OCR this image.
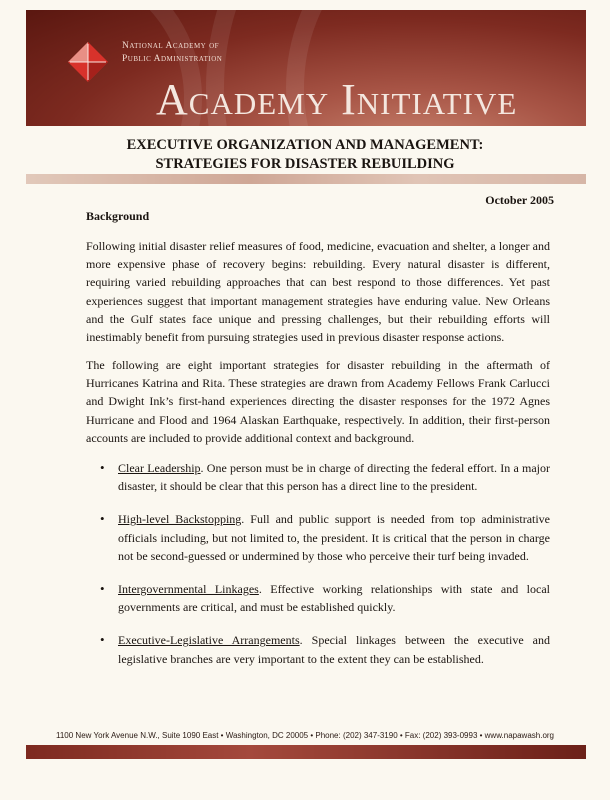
National Academy of
Public Administration
Academy Initiative
EXECUTIVE ORGANIZATION AND MANAGEMENT:
STRATEGIES FOR DISASTER REBUILDING
October 2005
Background

Following initial disaster relief measures of food, medicine, evacuation and shelter, a longer and more expensive phase of recovery begins: rebuilding. Every natural disaster is different, requiring varied rebuilding approaches that can best respond to those differences. Yet past experiences suggest that important management strategies have enduring value. New Orleans and the Gulf states face unique and pressing challenges, but their rebuilding efforts will inestimably benefit from pursuing strategies used in previous disaster response actions.

The following are eight important strategies for disaster rebuilding in the aftermath of Hurricanes Katrina and Rita. These strategies are drawn from Academy Fellows Frank Carlucci and Dwight Ink’s first-hand experiences directing the disaster responses for the 1972 Agnes Hurricane and Flood and 1964 Alaskan Earthquake, respectively. In addition, their first-person accounts are included to provide additional context and background.

• Clear Leadership. One person must be in charge of directing the federal effort. In a major disaster, it should be clear that this person has a direct line to the president.
• High-level Backstopping. Full and public support is needed from top administrative officials including, but not limited to, the president. It is critical that the person in charge not be second-guessed or undermined by those who perceive their turf being invaded.
• Intergovernmental Linkages. Effective working relationships with state and local governments are critical, and must be established quickly.
• Executive-Legislative Arrangements. Special linkages between the executive and legislative branches are very important to the extent they can be established.
1100 New York Avenue N.W., Suite 1090 East • Washington, DC 20005 • Phone: (202) 347-3190 • Fax: (202) 393-0993 • www.napawash.org
